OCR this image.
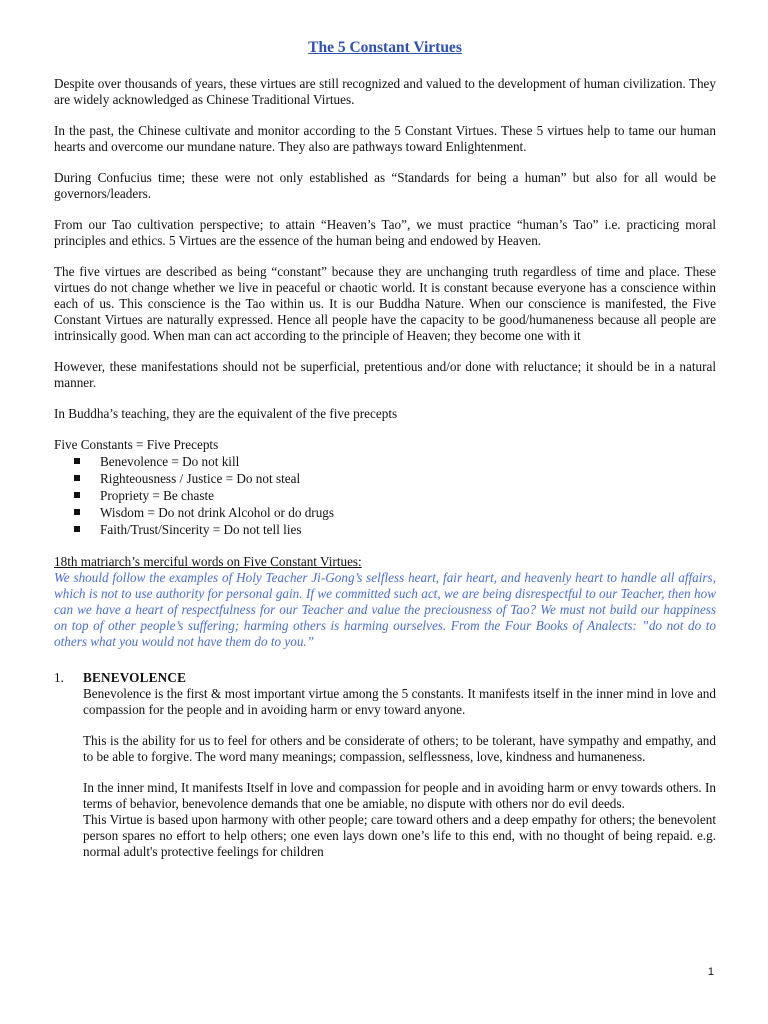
The 5 Constant Virtues

Despite over thousands of years, these virtues are still recognized and valued to the development of human civilization. They are widely acknowledged as Chinese Traditional Virtues.

In the past, the Chinese cultivate and monitor according to the 5 Constant Virtues. These 5 virtues help to tame our human hearts and overcome our mundane nature. They also are pathways toward Enlightenment.

During Confucius time; these were not only established as “Standards for being a human” but also for all would be governors/leaders.

From our Tao cultivation perspective; to attain “Heaven’s Tao”, we must practice “human’s Tao” i.e. practicing moral principles and ethics. 5 Virtues are the essence of the human being and endowed by Heaven.

The five virtues are described as being “constant” because they are unchanging truth regardless of time and place. These virtues do not change whether we live in peaceful or chaotic world. It is constant because everyone has a conscience within each of us. This conscience is the Tao within us. It is our Buddha Nature. When our conscience is manifested, the Five Constant Virtues are naturally expressed. Hence all people have the capacity to be good/humaneness because all people are intrinsically good. When man can act according to the principle of Heaven; they become one with it

However, these manifestations should not be superficial, pretentious and/or done with reluctance; it should be in a natural manner.

In Buddha’s teaching, they are the equivalent of the five precepts

Five Constants = Five Precepts
Benevolence = Do not kill
Righteousness / Justice = Do not steal
Propriety = Be chaste
Wisdom = Do not drink Alcohol or do drugs
Faith/Trust/Sincerity = Do not tell lies
18th matriarch’s merciful words on Five Constant Virtues:
We should follow the examples of Holy Teacher Ji-Gong’s selfless heart, fair heart, and heavenly heart to handle all affairs, which is not to use authority for personal gain. If we committed such act, we are being disrespectful to our Teacher, then how can we have a heart of respectfulness for our Teacher and value the preciousness of Tao? We must not build our happiness on top of other people’s suffering; harming others is harming ourselves. From the Four Books of Analects: ”do not do to others what you would not have them do to you.”
1. BENEVOLENCE

Benevolence is the first & most important virtue among the 5 constants. It manifests itself in the inner mind in love and compassion for the people and in avoiding harm or envy toward anyone.

This is the ability for us to feel for others and be considerate of others; to be tolerant, have sympathy and empathy, and to be able to forgive. The word many meanings; compassion, selflessness, love, kindness and humaneness.

In the inner mind, It manifests Itself in love and compassion for people and in avoiding harm or envy towards others. In terms of behavior, benevolence demands that one be amiable, no dispute with others nor do evil deeds.

This Virtue is based upon harmony with other people; care toward others and a deep empathy for others; the benevolent person spares no effort to help others; one even lays down one’s life to this end, with no thought of being repaid. e.g. normal adult's protective feelings for children

1
